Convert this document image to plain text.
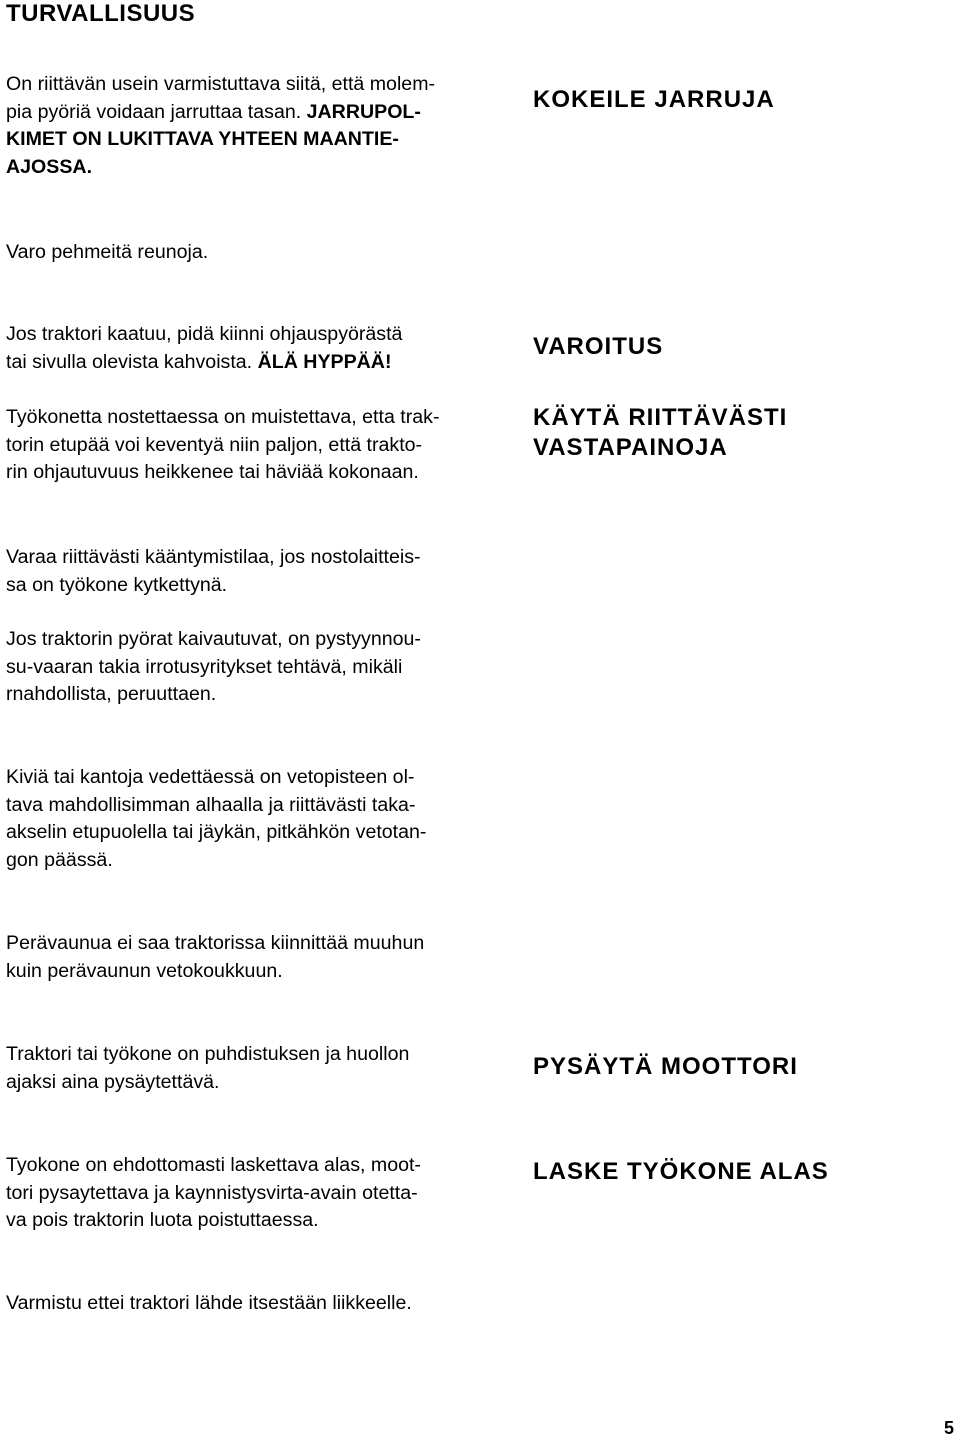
TURVALLISUUS

On riittävän usein varmistuttava siitä, että molem-
pia pyöriä voidaan jarruttaa tasan. JARRUPOL-
KIMET ON LUKITTAVA YHTEEN MAANTIE-
AJOSSA.

KOKEILE JARRUJA

Varo pehmeitä reunoja.

Jos traktori kaatuu, pidä kiinni ohjauspyörästä
tai sivulla olevista kahvoista. ÄLÄ HYPPÄÄ!

Työkonetta nostettaessa on muistettava, etta trak-
torin etupää voi keventyä niin paljon, että trakto-
rin ohjautuvuus heikkenee tai häviää kokonaan.

VAROITUS
KÄYTÄ RIITTÄVÄSTI
VASTAPAINOJA

Varaa riittävästi kääntymistilaa, jos nostolaitteis-
sa on työkone kytkettynä.

Jos traktorin pyörat kaivautuvat, on pystyynnou-
su-vaaran takia irrotusyritykset tehtävä, mikäli
rnahdollista, peruuttaen.

Kiviä tai kantoja vedettäessä on vetopisteen ol-
tava mahdollisimman alhaalla ja riittävästi taka-
akselin etupuolella tai jäykän, pitkähkön vetotan-
gon päässä.

Perävaunua ei saa traktorissa kiinnittää muuhun
kuin perävaunun vetokoukkuun.

Traktori tai työkone on puhdistuksen ja huollon
ajaksi aina pysäytettävä.

PYSÄYTÄ MOOTTORI

Tyokone on ehdottomasti laskettava alas, moot-
tori pysaytettava ja kaynnistysvirta-avain otetta-
va pois traktorin luota poistuttaessa.

LASKE TYÖKONE ALAS

Varmistu ettei traktori lähde itsestään liikkeelle.

5
